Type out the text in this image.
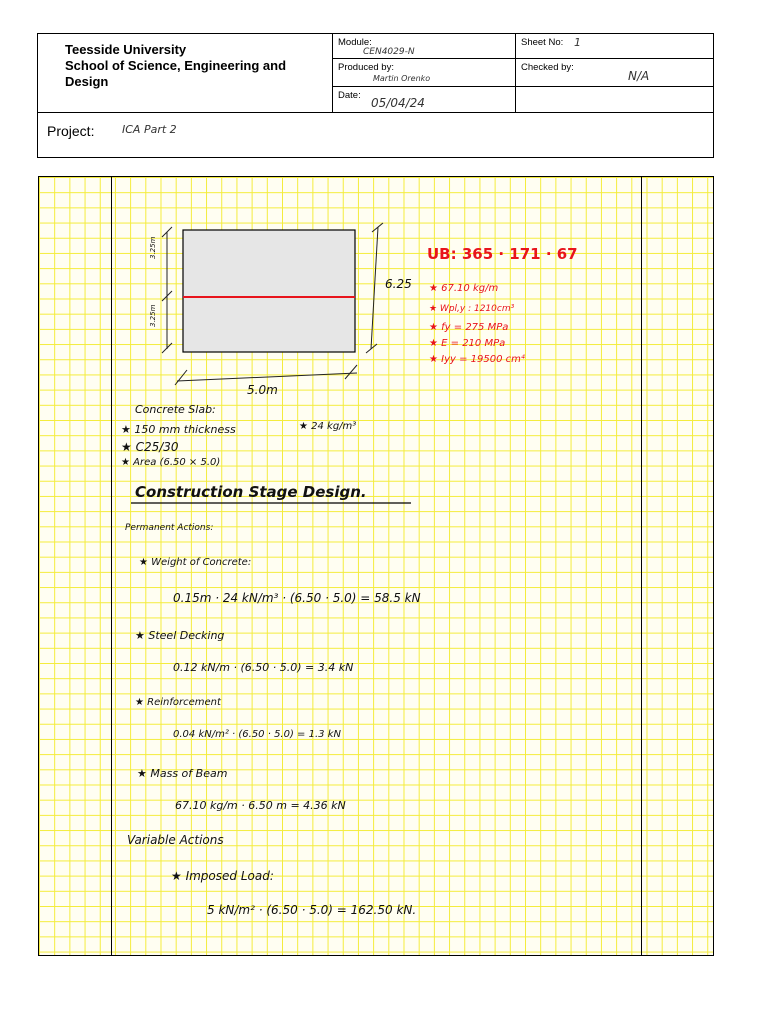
Teesside University
School of Science, Engineering and
Design
Module:
CEN4029-N
Sheet No: 1
Produced by:
Martin Orenko
Checked by:
N/A
Date:
05/04/24
Project:	ICA Part 2
3.25m
3.25m
6.25
5.0m
UB: 365 · 171 · 67
★ 67.10 kg/m
★ Wpl,y : 1210cm³
★ fy = 275 MPa
★ E = 210 MPa
★ Iyy = 19500 cm⁴
Concrete Slab:
★ 150 mm thickness	★ 24 kg/m³
★ C25/30
★ Area (6.50 × 5.0)
Construction Stage Design.
Permanent Actions:
★ Weight of Concrete:
0.15m · 24 kN/m³ · (6.50 · 5.0) = 58.5 kN
★ Steel Decking
0.12 kN/m · (6.50 · 5.0) = 3.4 kN
★ Reinforcement
0.04 kN/m² · (6.50 · 5.0) = 1.3 kN
★ Mass of Beam
67.10 kg/m · 6.50 m = 4.36 kN
Variable Actions
★ Imposed Load:
5 kN/m² · (6.50 · 5.0) = 162.50 kN.
